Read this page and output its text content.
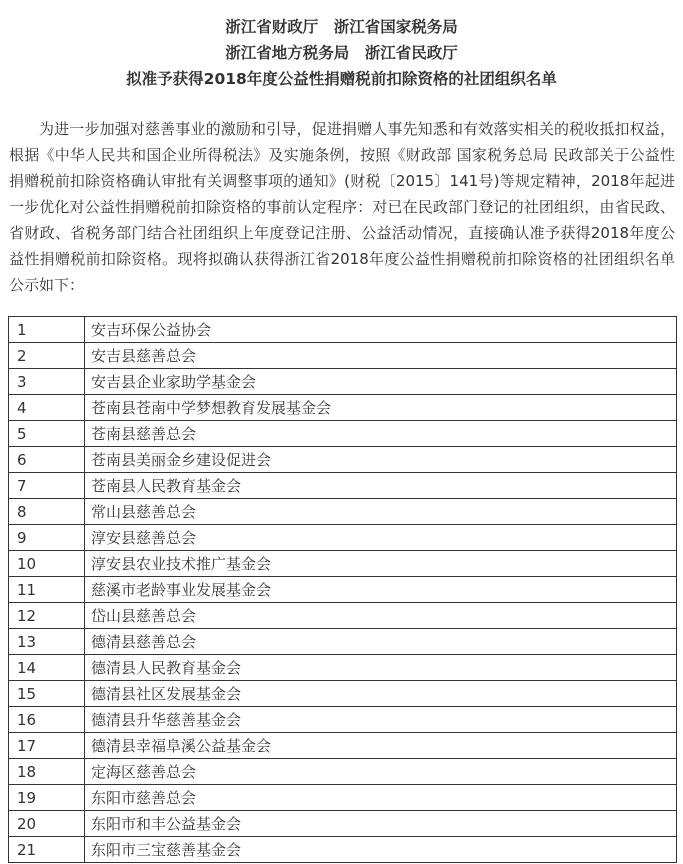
浙江省财政厅　浙江省国家税务局
浙江省地方税务局　浙江省民政厅
拟准予获得2018年度公益性捐赠税前扣除资格的社团组织名单

为进一步加强对慈善事业的激励和引导，促进捐赠人事先知悉和有效落实相关的税收抵扣权益，根据《中华人民共和国企业所得税法》及实施条例，按照《财政部 国家税务总局 民政部关于公益性捐赠税前扣除资格确认审批有关调整事项的通知》(财税〔2015〕141号)等规定精神，2018年起进一步优化对公益性捐赠税前扣除资格的事前认定程序：对已在民政部门登记的社团组织，由省民政、省财政、省税务部门结合社团组织上年度登记注册、公益活动情况，直接确认准予获得2018年度公益性捐赠税前扣除资格。现将拟确认获得浙江省2018年度公益性捐赠税前扣除资格的社团组织名单公示如下：

1	安吉环保公益协会
2	安吉县慈善总会
3	安吉县企业家助学基金会
4	苍南县苍南中学梦想教育发展基金会
5	苍南县慈善总会
6	苍南县美丽金乡建设促进会
7	苍南县人民教育基金会
8	常山县慈善总会
9	淳安县慈善总会
10	淳安县农业技术推广基金会
11	慈溪市老龄事业发展基金会
12	岱山县慈善总会
13	德清县慈善总会
14	德清县人民教育基金会
15	德清县社区发展基金会
16	德清县升华慈善基金会
17	德清县幸福阜溪公益基金会
18	定海区慈善总会
19	东阳市慈善总会
20	东阳市和丰公益基金会
21	东阳市三宝慈善基金会
